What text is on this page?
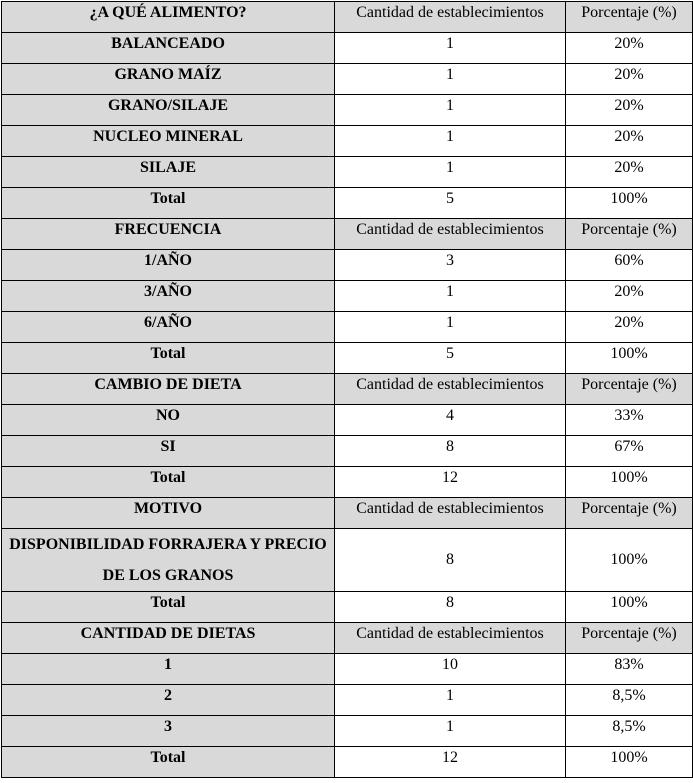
¿A QUÉ ALIMENTO?	Cantidad de establecimientos	Porcentaje (%)
BALANCEADO	1	20%
GRANO MAÍZ	1	20%
GRANO/SILAJE	1	20%
NUCLEO MINERAL	1	20%
SILAJE	1	20%
Total	5	100%
FRECUENCIA	Cantidad de establecimientos	Porcentaje (%)
1/AÑO	3	60%
3/AÑO	1	20%
6/AÑO	1	20%
Total	5	100%
CAMBIO DE DIETA	Cantidad de establecimientos	Porcentaje (%)
NO	4	33%
SI	8	67%
Total	12	100%
MOTIVO	Cantidad de establecimientos	Porcentaje (%)
DISPONIBILIDAD FORRAJERA Y PRECIO DE LOS GRANOS	8	100%
Total	8	100%
CANTIDAD DE DIETAS	Cantidad de establecimientos	Porcentaje (%)
1	10	83%
2	1	8,5%
3	1	8,5%
Total	12	100%
